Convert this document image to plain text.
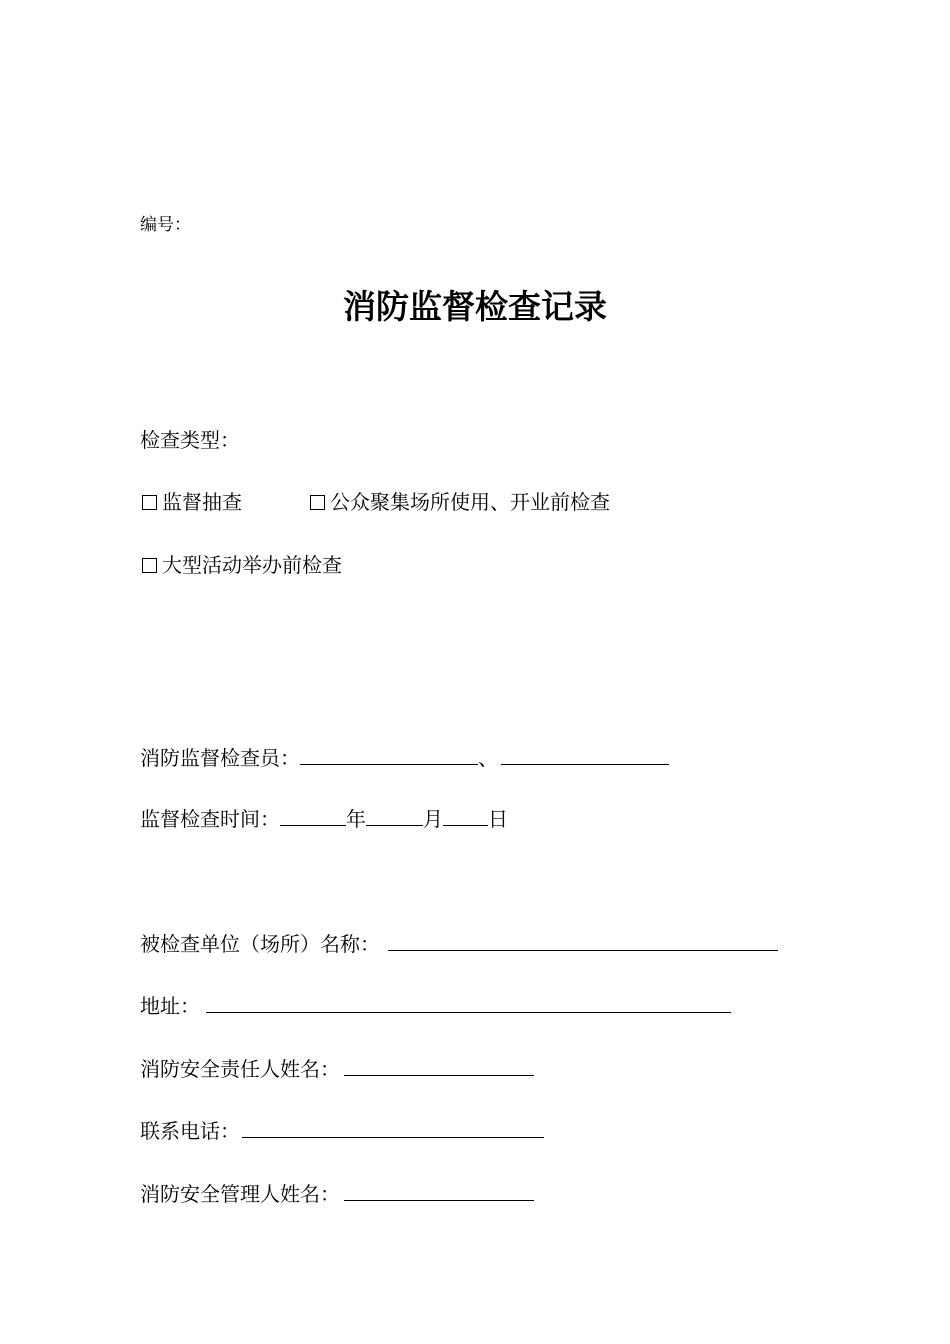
编号：
消防监督检查记录
检查类型：
监督抽查	公众聚集场所使用、开业前检查
大型活动举办前检查
消防监督检查员：	、
监督检查时间：	年	月 日
被检查单位（场所）名称：
地址：
消防安全责任人姓名：
联系电话：
消防安全管理人姓名：
